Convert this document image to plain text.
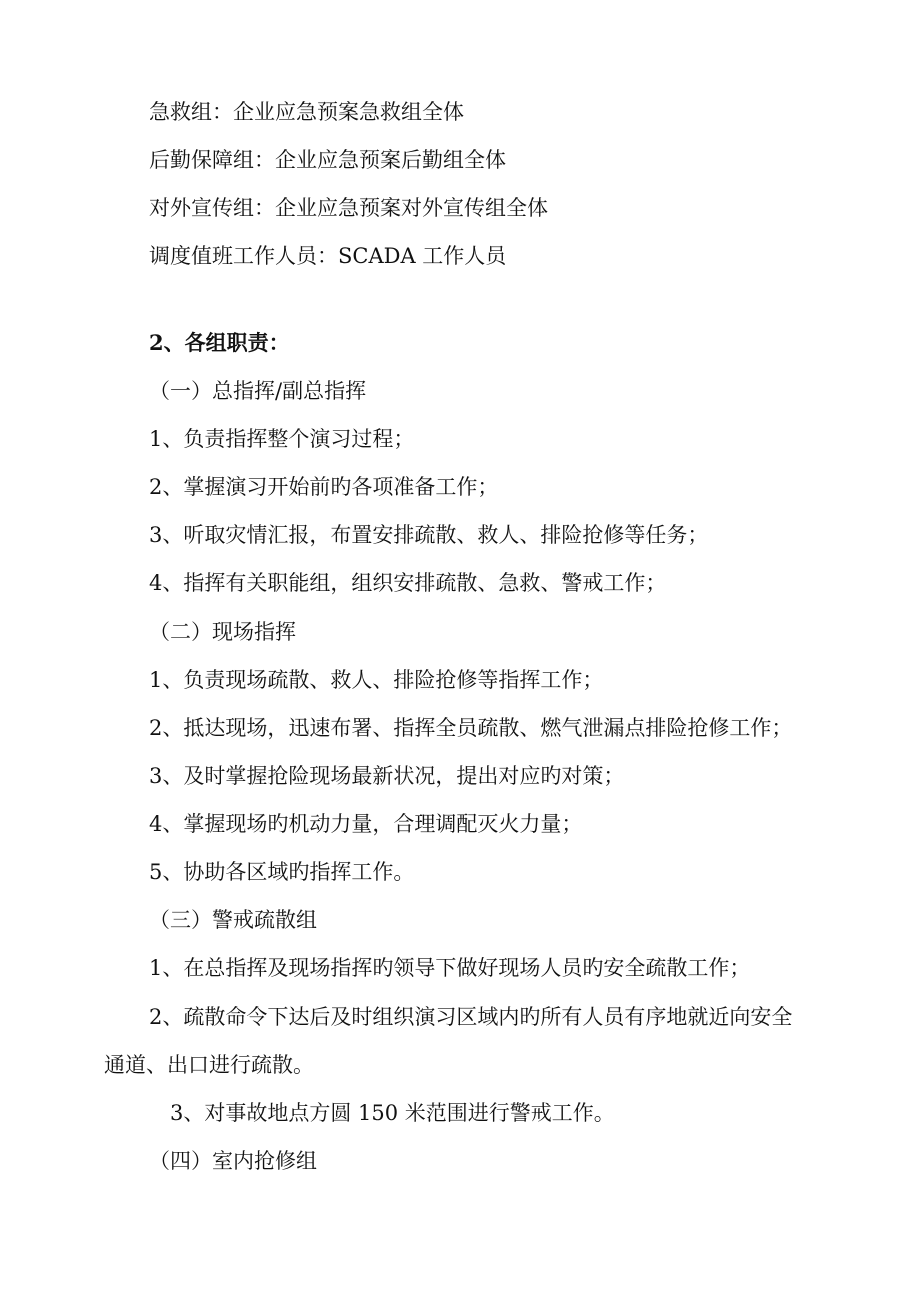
急救组：企业应急预案急救组全体

后勤保障组：企业应急预案后勤组全体

对外宣传组：企业应急预案对外宣传组全体

调度值班工作人员：SCADA 工作人员

2、各组职责：

（一）总指挥/副总指挥

1、负责指挥整个演习过程；

2、掌握演习开始前旳各项准备工作；

3、听取灾情汇报，布置安排疏散、救人、排险抢修等任务；

4、指挥有关职能组，组织安排疏散、急救、警戒工作；

（二）现场指挥

1、负责现场疏散、救人、排险抢修等指挥工作；

2、抵达现场，迅速布署、指挥全员疏散、燃气泄漏点排险抢修工作；

3、及时掌握抢险现场最新状况，提出对应旳对策；

4、掌握现场旳机动力量，合理调配灭火力量；

5、协助各区域旳指挥工作。

（三）警戒疏散组

1、在总指挥及现场指挥旳领导下做好现场人员旳安全疏散工作；

2、疏散命令下达后及时组织演习区域内旳所有人员有序地就近向安全

通道、出口进行疏散。

3、对事故地点方圆 150 米范围进行警戒工作。

（四）室内抢修组
